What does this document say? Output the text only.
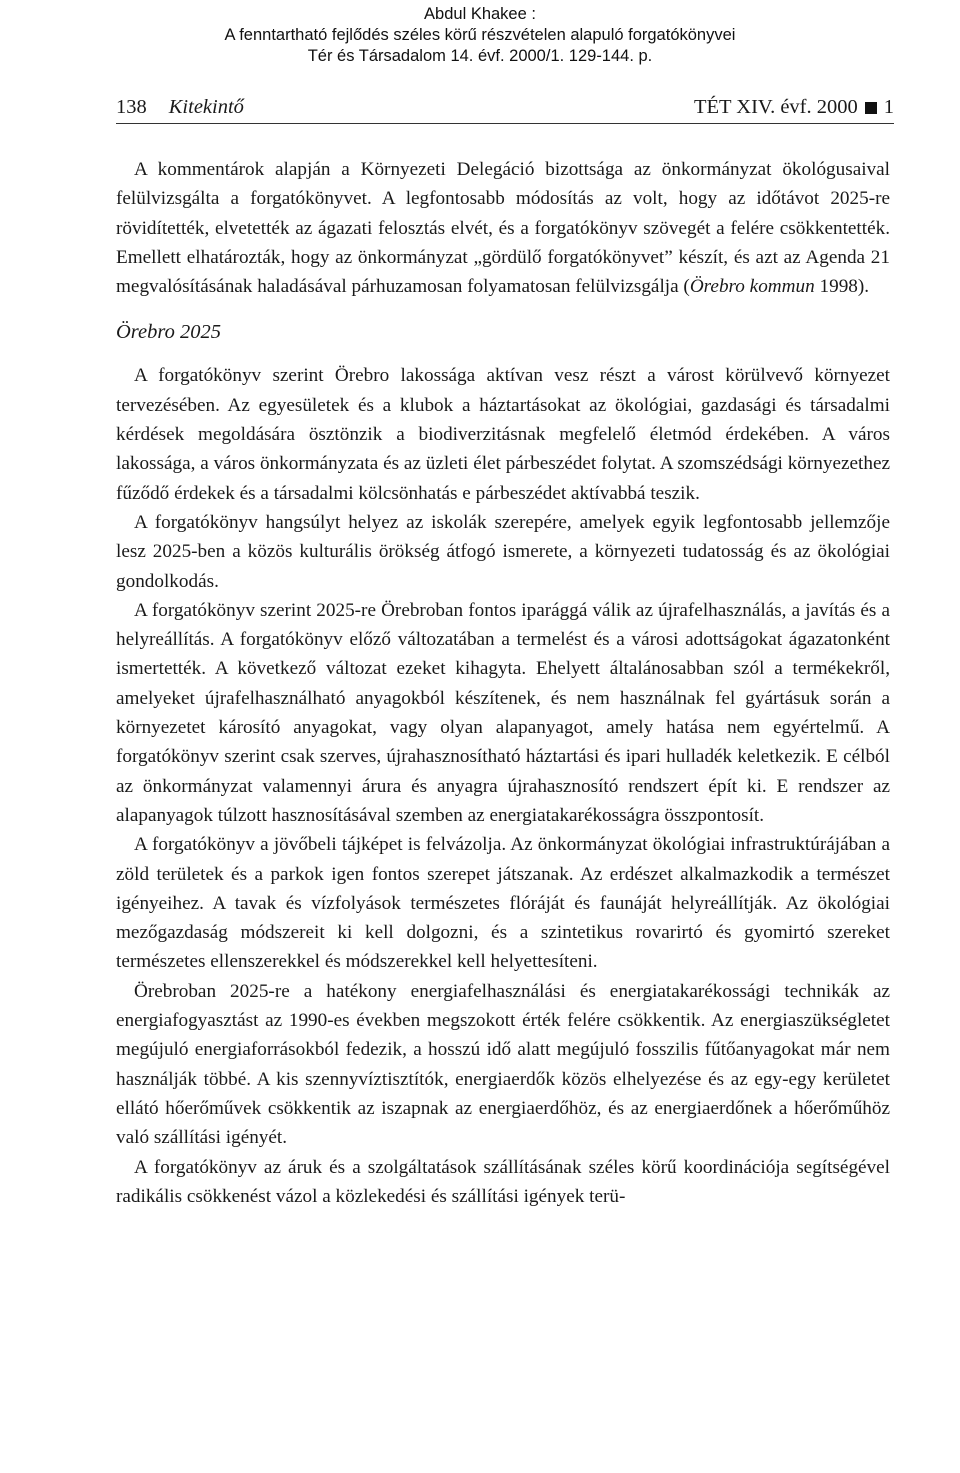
Abdul Khakee :
A fenntartható fejlődés széles körű részvételen alapuló forgatókönyvei
Tér és Társadalom 14. évf. 2000/1. 129-144. p.
138 Kitekintő	TÉT XIV. évf. 2000 1

A kommentárok alapján a Környezeti Delegáció bizottsága az önkormányzat ökológusaival felülvizsgálta a forgatókönyvet. A legfontosabb módosítás az volt, hogy az időtávot 2025-re rövidítették, elvetették az ágazati felosztás elvét, és a forgatókönyv szövegét a felére csökkentették. Emellett elhatározták, hogy az önkormányzat „gördülő forgatókönyvet” készít, és azt az Agenda 21 megvalósításának haladásával párhuzamosan folyamatosan felülvizsgálja (Örebro kommun 1998).

Örebro 2025

A forgatókönyv szerint Örebro lakossága aktívan vesz részt a várost körülvevő környezet tervezésében. Az egyesületek és a klubok a háztartásokat az ökológiai, gazdasági és társadalmi kérdések megoldására ösztönzik a biodiverzitásnak megfelelő életmód érdekében. A város lakossága, a város önkormányzata és az üzleti élet párbeszédet folytat. A szomszédsági környezethez fűződő érdekek és a társadalmi kölcsönhatás e párbeszédet aktívabbá teszik.

A forgatókönyv hangsúlyt helyez az iskolák szerepére, amelyek egyik legfontosabb jellemzője lesz 2025-ben a közös kulturális örökség átfogó ismerete, a környezeti tudatosság és az ökológiai gondolkodás.

A forgatókönyv szerint 2025-re Örebroban fontos iparággá válik az újrafelhasználás, a javítás és a helyreállítás. A forgatókönyv előző változatában a termelést és a városi adottságokat ágazatonként ismertették. A következő változat ezeket kihagyta. Ehelyett általánosabban szól a termékekről, amelyeket újrafelhasználható anyagokból készítenek, és nem használnak fel gyártásuk során a környezetet károsító anyagokat, vagy olyan alapanyagot, amely hatása nem egyértelmű. A forgatókönyv szerint csak szerves, újrahasznosítható háztartási és ipari hulladék keletkezik. E célból az önkormányzat valamennyi árura és anyagra újrahasznosító rendszert épít ki. E rendszer az alapanyagok túlzott hasznosításával szemben az energiatakarékosságra összpontosít.

A forgatókönyv a jövőbeli tájképet is felvázolja. Az önkormányzat ökológiai infrastruktúrájában a zöld területek és a parkok igen fontos szerepet játszanak. Az erdészet alkalmazkodik a természet igényeihez. A tavak és vízfolyások természetes flóráját és faunáját helyreállítják. Az ökológiai mezőgazdaság módszereit ki kell dolgozni, és a szintetikus rovarirtó és gyomirtó szereket természetes ellenszerekkel és módszerekkel kell helyettesíteni.

Örebroban 2025-re a hatékony energiafelhasználási és energiatakarékossági technikák az energiafogyasztást az 1990-es években megszokott érték felére csökkentik. Az energiaszükségletet megújuló energiaforrásokból fedezik, a hosszú idő alatt megújuló fosszilis fűtőanyagokat már nem használják többé. A kis szennyvíztisztítók, energiaerdők közös elhelyezése és az egy-egy kerületet ellátó hőerőművek csökkentik az iszapnak az energiaerdőhöz, és az energiaerdőnek a hőerőműhöz való szállítási igényét.

A forgatókönyv az áruk és a szolgáltatások szállításának széles körű koordinációja segítségével radikális csökkenést vázol a közlekedési és szállítási igények terü-
